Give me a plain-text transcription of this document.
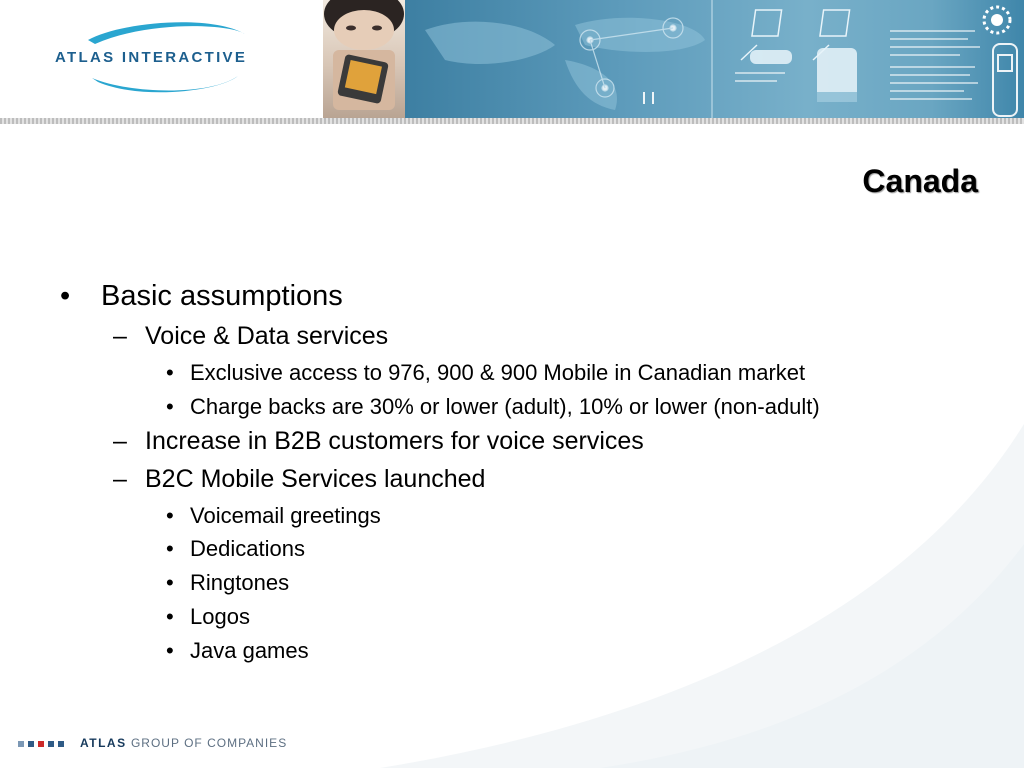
ATLAS INTERACTIVE
Canada
• Basic assumptions
– Voice & Data services
• Exclusive access to 976, 900 & 900 Mobile in Canadian market
• Charge backs are 30% or lower (adult), 10% or lower (non-adult)
– Increase in B2B customers for voice services
– B2C Mobile Services launched
• Voicemail greetings
• Dedications
• Ringtones
• Logos
• Java games
ATLAS GROUP OF COMPANIES
